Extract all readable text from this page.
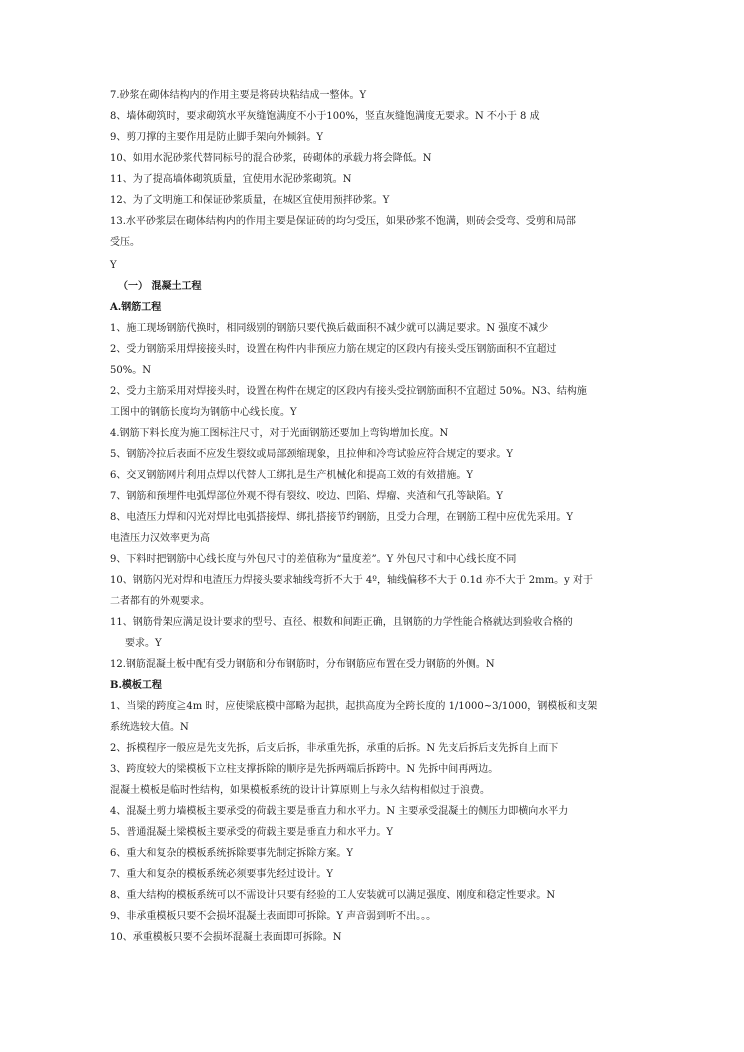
7.砂浆在砌体结构内的作用主要是将砖块粘结成一整体。Y
8、墙体砌筑时，要求砌筑水平灰缝饱满度不小于100%，竖直灰缝饱满度无要求。N 不小于 8 成
9、剪刀撑的主要作用是防止脚手架向外倾斜。Y
10、如用水泥砂浆代替同标号的混合砂浆，砖砌体的承载力将会降低。N
11、为了提高墙体砌筑质量，宜使用水泥砂浆砌筑。N
12、为了文明施工和保证砂浆质量，在城区宜使用预拌砂浆。Y
13.水平砂浆层在砌体结构内的作用主要是保证砖的均匀受压，如果砂浆不饱满，则砖会受弯、受剪和局部
受压。
Y
（一） 混凝土工程
A.钢筋工程
1、施工现场钢筋代换时，相同级别的钢筋只要代换后截面积不减少就可以满足要求。N 强度不减少
2、受力钢筋采用焊接接头时，设置在构件内非预应力筋在规定的区段内有接头受压钢筋面积不宜超过
50%。N
2、受力主筋采用对焊接头时，设置在构件在规定的区段内有接头受拉钢筋面积不宜超过 50%。N3、结构施
工图中的钢筋长度均为钢筋中心线长度。Y
4.钢筋下料长度为施工图标注尺寸，对于光面钢筋还要加上弯钩增加长度。N
5、钢筋冷拉后表面不应发生裂纹或局部颈缩现象，且拉伸和冷弯试验应符合规定的要求。Y
6、交叉钢筋网片利用点焊以代替人工绑扎是生产机械化和提高工效的有效措施。Y
7、钢筋和预埋件电弧焊部位外观不得有裂纹、咬边、凹陷、焊瘤、夹渣和气孔等缺陷。Y
8、电渣压力焊和闪光对焊比电弧搭接焊、绑扎搭接节约钢筋，且受力合理，在钢筋工程中应优先采用。Y
电渣压力汉效率更为高
9、下料时把钢筋中心线长度与外包尺寸的差值称为“量度差”。Y 外包尺寸和中心线长度不同
10、钢筋闪光对焊和电渣压力焊接头要求轴线弯折不大于 4º，轴线偏移不大于 0.1d 亦不大于 2mm。y 对于
二者都有的外观要求。
11、钢筋骨架应满足设计要求的型号、直径、根数和间距正确，且钢筋的力学性能合格就达到验收合格的
要求。Y
12.钢筋混凝土板中配有受力钢筋和分布钢筋时，分布钢筋应布置在受力钢筋的外侧。N
B.模板工程
1、当梁的跨度≧4m 时，应使梁底模中部略为起拱，起拱高度为全跨长度的 1/1000~3/1000，钢模板和支架
系统选较大值。N
2、拆模程序一般应是先支先拆，后支后拆，非承重先拆，承重的后拆。N 先支后拆后支先拆自上而下
3、跨度较大的梁模板下立柱支撑拆除的顺序是先拆两端后拆跨中。N 先拆中间再两边。
混凝土模板是临时性结构，如果模板系统的设计计算原则上与永久结构相似过于浪费。
4、混凝土剪力墙模板主要承受的荷载主要是垂直力和水平力。N 主要承受混凝土的侧压力即横向水平力
5、普通混凝土梁模板主要承受的荷载主要是垂直力和水平力。Y
6、重大和复杂的模板系统拆除要事先制定拆除方案。Y
7、重大和复杂的模板系统必须要事先经过设计。Y
8、重大结构的模板系统可以不需设计只要有经验的工人安装就可以满足强度、刚度和稳定性要求。N
9、非承重模板只要不会损坏混凝土表面即可拆除。Y 声音弱到听不出。。。
10、承重模板只要不会损坏混凝土表面即可拆除。N
